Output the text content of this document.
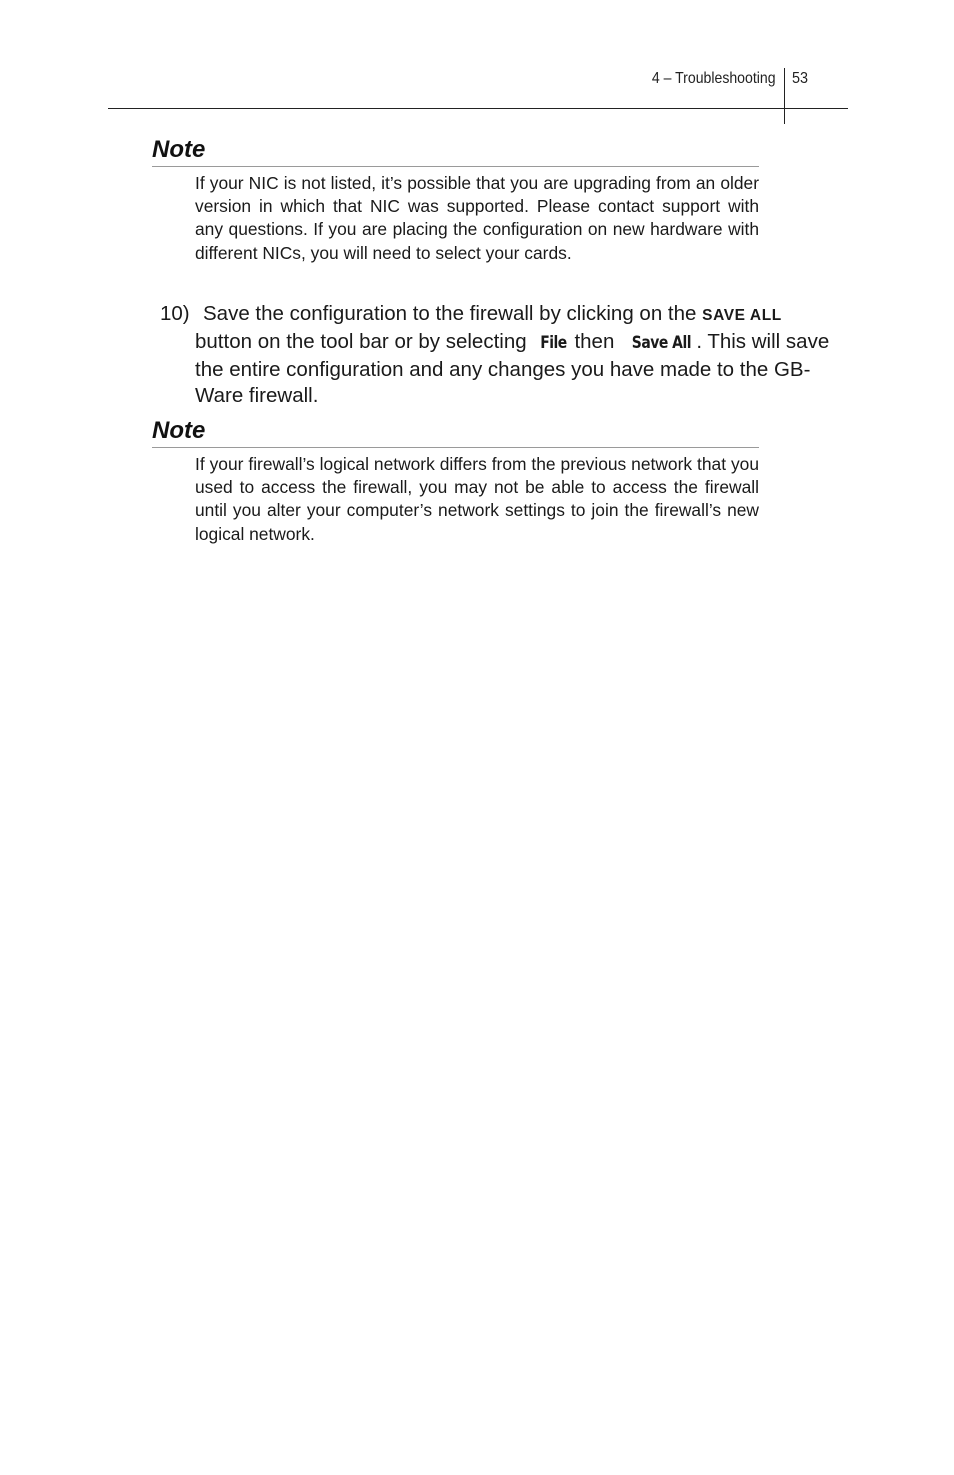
4 – Troubleshooting 53
Note

If your NIC is not listed, it’s possible that you are upgrading from an older version in which that NIC was supported. Please contact support with any questions. If you are placing the configuration on new hardware with different NICs, you will need to select your cards.

10) Save the configuration to the firewall by clicking on the SAVE ALL button on the tool bar or by selecting File then Save All . This will save the entire configuration and any changes you have made to the GB-Ware firewall.
Note

If your firewall’s logical network differs from the previous network that you used to access the firewall, you may not be able to access the firewall until you alter your computer’s network settings to join the firewall’s new logical network.
